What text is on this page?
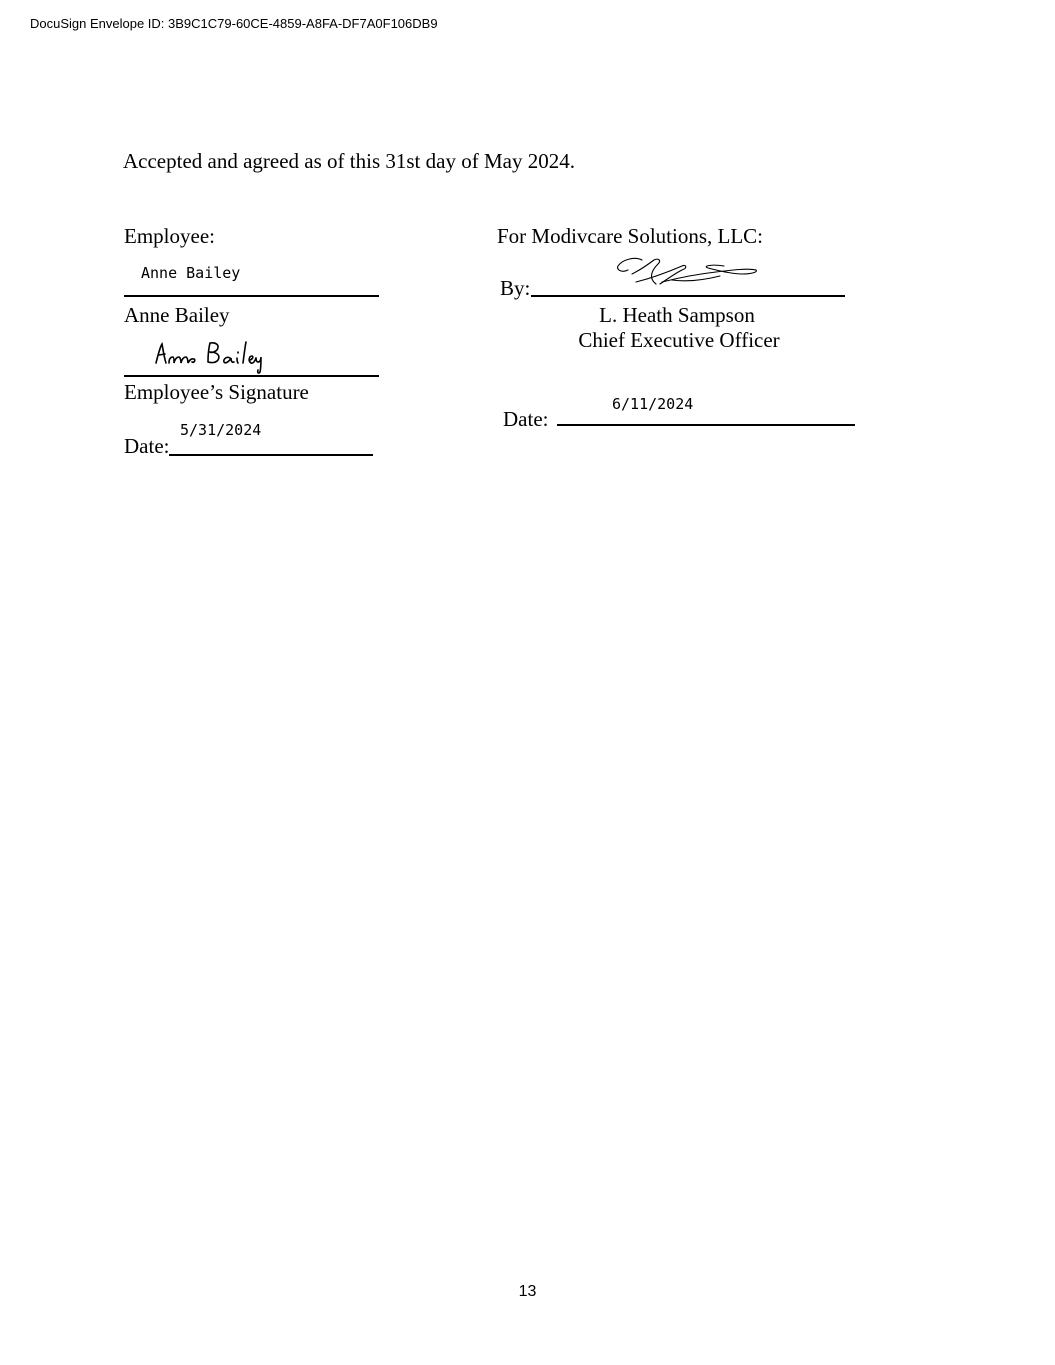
DocuSign Envelope ID: 3B9C1C79-60CE-4859-A8FA-DF7A0F106DB9
Accepted and agreed as of this 31st day of May 2024.
Employee:
Anne Bailey
Anne Bailey
Employee’s Signature
5/31/2024
Date:
For Modivcare Solutions, LLC:
By:
L. Heath Sampson
Chief Executive Officer
6/11/2024
Date:
13
